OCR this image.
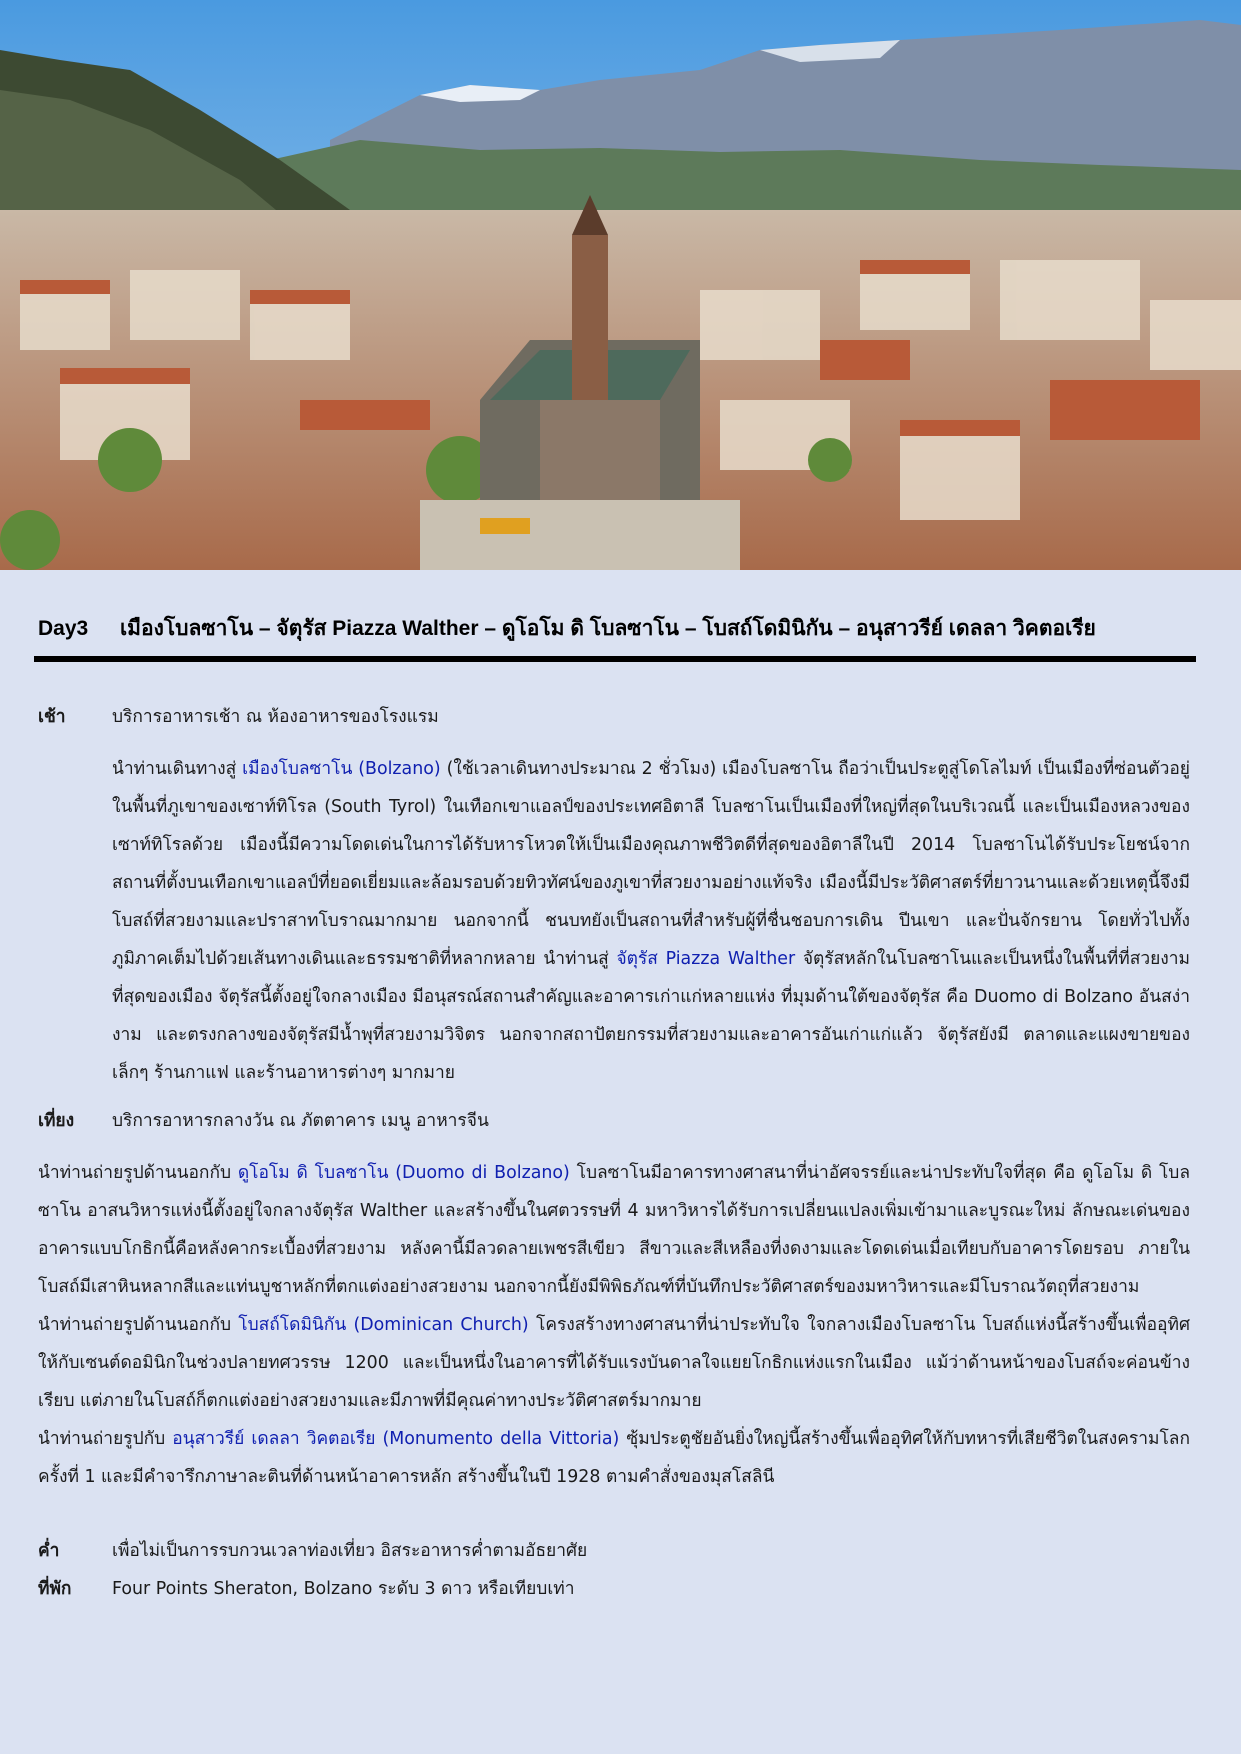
Day3	เมืองโบลซาโน – จัตุรัส Piazza Walther – ดูโอโม ดิ โบลซาโน – โบสถ์โดมินิกัน – อนุสาวรีย์ เดลลา วิคตอเรีย
เช้า	บริการอาหารเช้า ณ ห้องอาหารของโรงแรม

นำท่านเดินทางสู่ เมืองโบลซาโน (Bolzano) (ใช้เวลาเดินทางประมาณ 2 ชั่วโมง) เมืองโบลซาโน ถือว่าเป็นประตูสู่โดโลไมท์ เป็นเมืองที่ซ่อนตัวอยู่ในพื้นที่ภูเขาของเซาท์ทิโรล (South Tyrol) ในเทือกเขาแอลป์ของประเทศอิตาลี โบลซาโนเป็นเมืองที่ใหญ่ที่สุดในบริเวณนี้ และเป็นเมืองหลวงของเซาท์ทิโรลด้วย เมืองนี้มีความโดดเด่นในการได้รับหารโหวตให้เป็นเมืองคุณภาพชีวิตดีที่สุดของอิตาลีในปี 2014 โบลซาโนได้รับประโยชน์จากสถานที่ตั้งบนเทือกเขาแอลป์ที่ยอดเยี่ยมและล้อมรอบด้วยทิวทัศน์ของภูเขาที่สวยงามอย่างแท้จริง เมืองนี้มีประวัติศาสตร์ที่ยาวนานและด้วยเหตุนี้จึงมีโบสถ์ที่สวยงามและปราสาทโบราณมากมาย นอกจากนี้ ชนบทยังเป็นสถานที่สำหรับผู้ที่ชื่นชอบการเดิน ปีนเขา และปั่นจักรยาน โดยทั่วไปทั้งภูมิภาคเต็มไปด้วยเส้นทางเดินและธรรมชาติที่หลากหลาย นำท่านสู่ จัตุรัส Piazza Walther จัตุรัสหลักในโบลซาโนและเป็นหนึ่งในพื้นที่ที่สวยงามที่สุดของเมือง จัตุรัสนี้ตั้งอยู่ใจกลางเมือง มีอนุสรณ์สถานสำคัญและอาคารเก่าแก่หลายแห่ง ที่มุมด้านใต้ของจัตุรัส คือ Duomo di Bolzano อันสง่างาม และตรงกลางของจัตุรัสมีน้ำพุที่สวยงามวิจิตร นอกจากสถาปัตยกรรมที่สวยงามและอาคารอันเก่าแก่แล้ว จัตุรัสยังมี ตลาดและแผงขายของเล็กๆ ร้านกาแฟ และร้านอาหารต่างๆ มากมาย

เที่ยง	บริการอาหารกลางวัน ณ ภัตตาคาร เมนู อาหารจีน

นำท่านถ่ายรูปด้านนอกกับ ดูโอโม ดิ โบลซาโน (Duomo di Bolzano) โบลซาโนมีอาคารทางศาสนาที่น่าอัศจรรย์และน่าประทับใจที่สุด คือ ดูโอโม ดิ โบลซาโน อาสนวิหารแห่งนี้ตั้งอยู่ใจกลางจัตุรัส Walther และสร้างขึ้นในศตวรรษที่ 4 มหาวิหารได้รับการเปลี่ยนแปลงเพิ่มเข้ามาและบูรณะใหม่ ลักษณะเด่นของอาคารแบบโกธิกนี้คือหลังคากระเบื้องที่สวยงาม หลังคานี้มีลวดลายเพชรสีเขียว สีขาวและสีเหลืองที่งดงามและโดดเด่นเมื่อเทียบกับอาคารโดยรอบ ภายในโบสถ์มีเสาหินหลากสีและแท่นบูชาหลักที่ตกแต่งอย่างสวยงาม นอกจากนี้ยังมีพิพิธภัณฑ์ที่บันทึกประวัติศาสตร์ของมหาวิหารและมีโบราณวัตถุที่สวยงาม

นำท่านถ่ายรูปด้านนอกกับ โบสถ์โดมินิกัน (Dominican Church) โครงสร้างทางศาสนาที่น่าประทับใจ ใจกลางเมืองโบลซาโน โบสถ์แห่งนี้สร้างขึ้นเพื่ออุทิศให้กับเซนต์ดอมินิกในช่วงปลายทศวรรษ 1200 และเป็นหนึ่งในอาคารที่ได้รับแรงบันดาลใจแยยโกธิกแห่งแรกในเมือง แม้ว่าด้านหน้าของโบสถ์จะค่อนข้างเรียบ แต่ภายในโบสถ์ก็ตกแต่งอย่างสวยงามและมีภาพที่มีคุณค่าทางประวัติศาสตร์มากมาย

นำท่านถ่ายรูปกับ อนุสาวรีย์ เดลลา วิคตอเรีย (Monumento della Vittoria) ซุ้มประตูชัยอันยิ่งใหญ่นี้สร้างขึ้นเพื่ออุทิศให้กับทหารที่เสียชีวิตในสงครามโลกครั้งที่ 1 และมีคำจารึกภาษาละตินที่ด้านหน้าอาคารหลัก สร้างขึ้นในปี 1928 ตามคำสั่งของมุสโสลินี

ค่ำ	เพื่อไม่เป็นการรบกวนเวลาท่องเที่ยว อิสระอาหารค่ำตามอัธยาศัย
ที่พัก	Four Points Sheraton, Bolzano ระดับ 3 ดาว หรือเทียบเท่า
